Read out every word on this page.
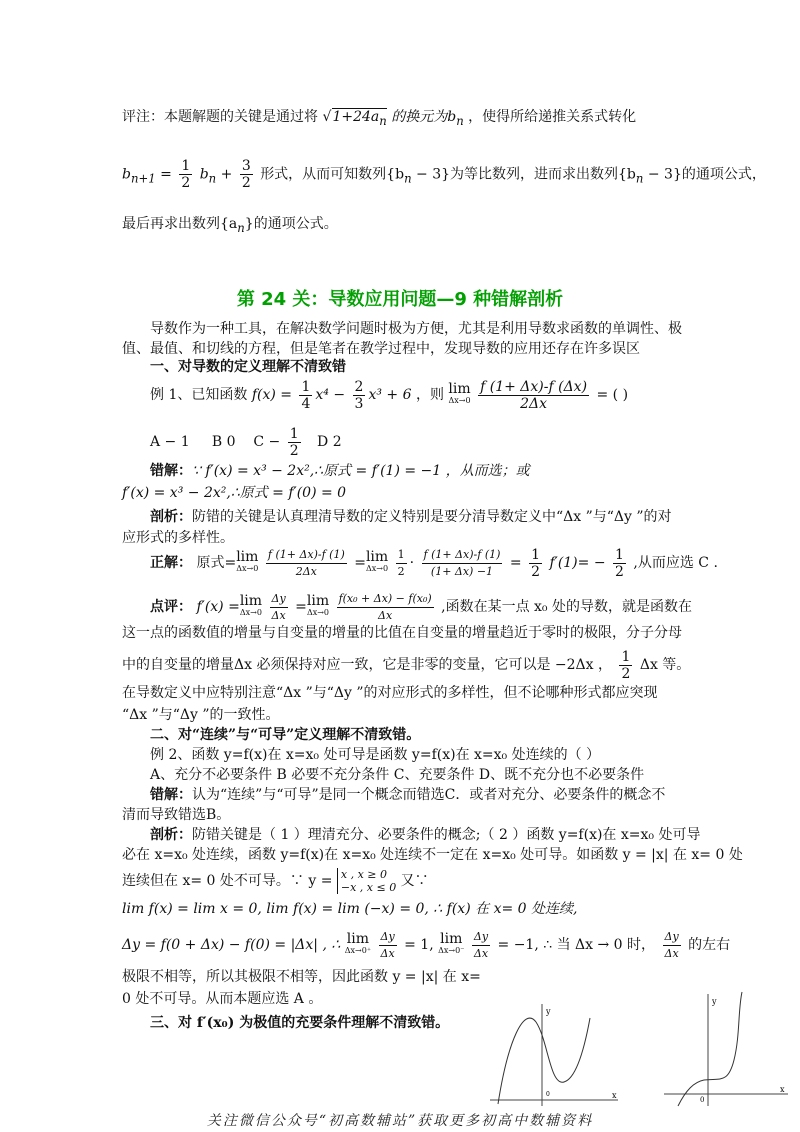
评注：本题解题的关键是通过将 √ $1+24a_n$ 的换元为$b_n$ ，使得所给递推关系式转化
$b_{n+1} = \frac{1}{2} b_n + \frac{3}{2}$ 形式，从而可知数列$\{b_n - 3\}$为等比数列，进而求出数列$\{b_n - 3\}$的通项公式，
最后再求出数列$\{a_n\}$的通项公式。
第 24 关：导数应用问题—9 种错解剖析
导数作为一种工具，在解决数学问题时极为方便，尤其是利用导数求函数的单调性、极
值、最值、和切线的方程，但是笔者在教学过程中，发现导数的应用还存在许多误区
一、对导数的定义理解不清致错
例 1、已知函数 $f(x) = \frac{1}{4} x^4 - \frac{2}{3} x^3 + 6$ ，则 lim
Δx→0
$\frac{f (1+ \Delta x)-f (\Delta x)}{2\Delta x}$ = ( )
A − 1 B 0 $C - \frac{1}{2}$ D 2
错解：∵ f′(x) = x³ − 2x²,∴原式 = f′(1) = −1 ，从而选；或
f′(x) = x³ − 2x²,∴原式 = f′(0) = 0
剖析：防错的关键是认真理清导数的定义特别是要分清导数定义中“Δx ”与“Δy ”的对
应形式的多样性。
正解： 原式=lim
Δx→0
$\frac{f (1+ \Delta x)-f (1)}{2\Delta x} =\lim$
Δx→0
$\frac{1}{2} \cdot \frac{f (1+ \Delta x)-f (1)}{(1+ \Delta x) -1} = \frac{1}{2} f'(1)= - \frac{1}{2}$ ,从而应选 C .
点评： f′(x) =lim
Δx→0
$\frac{\Delta y}{\Delta x} =\lim$
Δx→0
$\frac{\text{f(x₀ + Δx) − f(x₀)}}{\Delta x}$ ,函数在某一点 x₀ 处的导数，就是函数在
这一点的函数值的增量与自变量的增量的比值在自变量的增量趋近于零时的极限，分子分母
中的自变量的增量Δx 必须保持对应一致，它是非零的变量，它可以是 −2Δx ， $\frac{1}{2}$ Δx 等。
在导数定义中应特别注意“Δx ”与“Δy ”的对应形式的多样性，但不论哪种形式都应突现
“Δx ”与“Δy ”的一致性。
二、对“连续”与“可导”定义理解不清致错。
例 2、函数 y=f(x)在 x=x₀ 处可导是函数 y=f(x)在 x=x₀ 处连续的（ ）
A、充分不必要条件 B 必要不充分条件 C、充要条件 D、既不充分也不必要条件
错解：认为“连续”与“可导”是同一个概念而错选C．或者对充分、必要条件的概念不
清而导致错选B。
剖析：防错关键是（ 1 ）理清充分、必要条件的概念;（ 2 ）函数 y=f(x)在 x=x₀ 处可导
必在 x=x₀ 处连续，函数 y=f(x)在 x=x₀ 处连续不一定在 x=x₀ 处可导。如函数 y = |x| 在 x= 0 处
连续但在 x= 0 处不可导。∵ y = x , x ≥ 0
−x , x ≤ 0 又∵
lim f(x) = lim x = 0, lim f(x) = lim (−x) = 0, ∴ f(x) 在 x= 0 处连续,
Δy = f(0 + Δx) − f(0) = |Δx| , ∴ lim
Δx→0⁺
$\frac{\Delta y}{\Delta x} = 1$, lim
Δx→0⁻
$\frac{\Delta y}{\Delta x} = -1$, ∴ 当 Δx → 0 时， $\frac{\Delta y}{\Delta x}$ 的左右
极限不相等，所以其极限不相等，因此函数 y = |x| 在 x=
0 处不可导。从而本题应选 A 。
三、对 f′(x₀) 为极值的充要条件理解不清致错。
y
x
0
y
x
0
关注微信公众号“初高数辅站”获取更多初高中数辅资料
